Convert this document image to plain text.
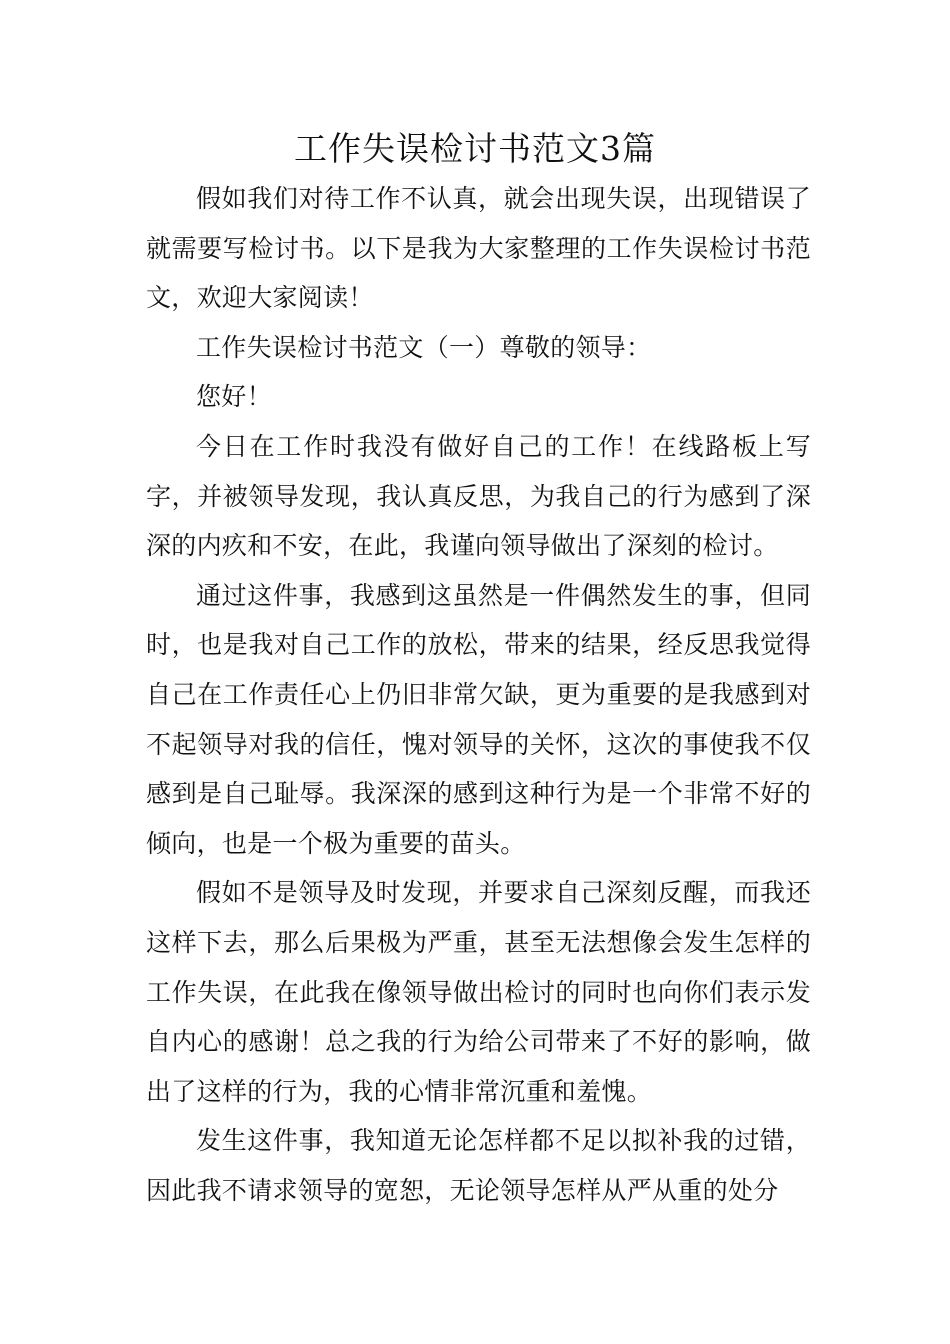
工作失误检讨书范文3篇

假如我们对待工作不认真，就会出现失误，出现错误了就需要写检讨书。以下是我为大家整理的工作失误检讨书范文，欢迎大家阅读！

工作失误检讨书范文（一）尊敬的领导：

您好！

今日在工作时我没有做好自己的工作！在线路板上写字，并被领导发现，我认真反思，为我自己的行为感到了深深的内疚和不安，在此，我谨向领导做出了深刻的检讨。

通过这件事，我感到这虽然是一件偶然发生的事，但同时，也是我对自己工作的放松，带来的结果，经反思我觉得自己在工作责任心上仍旧非常欠缺，更为重要的是我感到对不起领导对我的信任，愧对领导的关怀，这次的事使我不仅感到是自己耻辱。我深深的感到这种行为是一个非常不好的倾向，也是一个极为重要的苗头。

假如不是领导及时发现，并要求自己深刻反醒，而我还这样下去，那么后果极为严重，甚至无法想像会发生怎样的工作失误，在此我在像领导做出检讨的同时也向你们表示发自内心的感谢！总之我的行为给公司带来了不好的影响，做出了这样的行为，我的心情非常沉重和羞愧。

发生这件事，我知道无论怎样都不足以拟补我的过错，因此我不请求领导的宽恕，无论领导怎样从严从重的处分
